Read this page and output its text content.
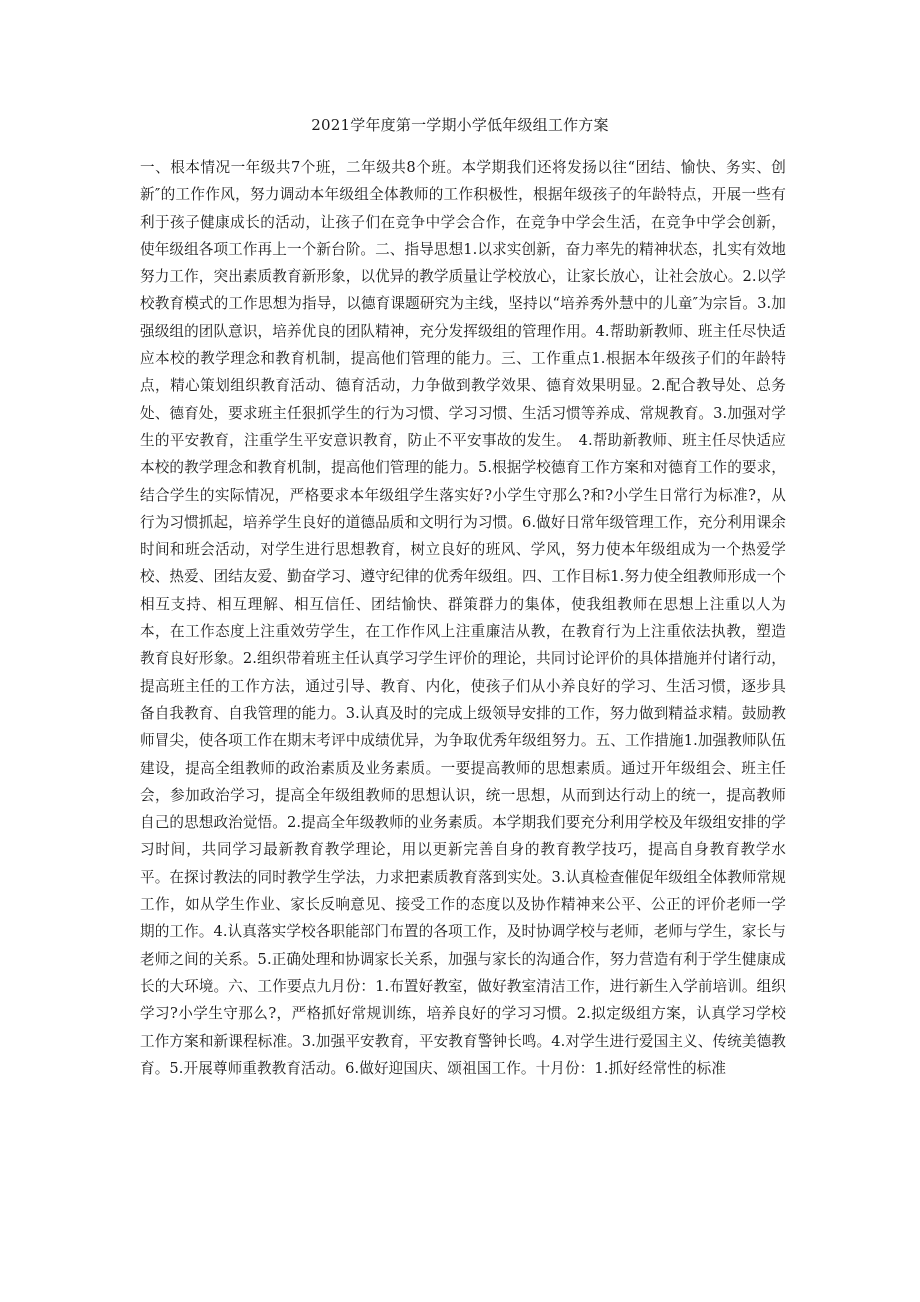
2021学年度第一学期小学低年级组工作方案
一、根本情况一年级共7个班，二年级共8个班。本学期我们还将发扬以往“团结、愉快、务实、创新″的工作作风，努力调动本年级组全体教师的工作积极性，根据年级孩子的年龄特点，开展一些有利于孩子健康成长的活动，让孩子们在竞争中学会合作，在竞争中学会生活，在竞争中学会创新，使年级组各项工作再上一个新台阶。二、指导思想1.以求实创新，奋力率先的精神状态，扎实有效地努力工作，突出素质教育新形象，以优异的教学质量让学校放心，让家长放心，让社会放心。2.以学校教育模式的工作思想为指导，以德育课题研究为主线，坚持以“培养秀外慧中的儿童″为宗旨。3.加强级组的团队意识，培养优良的团队精神，充分发挥级组的管理作用。4.帮助新教师、班主任尽快适应本校的教学理念和教育机制，提高他们管理的能力。三、工作重点1.根据本年级孩子们的年龄特点，精心策划组织教育活动、德育活动，力争做到教学效果、德育效果明显。2.配合教导处、总务处、德育处，要求班主任狠抓学生的行为习惯、学习习惯、生活习惯等养成、常规教育。3.加强对学生的平安教育，注重学生平安意识教育，防止不平安事故的发生。　4.帮助新教师、班主任尽快适应本校的教学理念和教育机制，提高他们管理的能力。5.根据学校德育工作方案和对德育工作的要求，结合学生的实际情况，严格要求本年级组学生落实好?小学生守那么?和?小学生日常行为标准?，从行为习惯抓起，培养学生良好的道德品质和文明行为习惯。6.做好日常年级管理工作，充分利用课余时间和班会活动，对学生进行思想教育，树立良好的班风、学风，努力使本年级组成为一个热爱学校、热爱、团结友爱、勤奋学习、遵守纪律的优秀年级组。四、工作目标1.努力使全组教师形成一个相互支持、相互理解、相互信任、团结愉快、群策群力的集体，使我组教师在思想上注重以人为本，在工作态度上注重效劳学生，在工作作风上注重廉洁从教，在教育行为上注重依法执教，塑造教育良好形象。2.组织带着班主任认真学习学生评价的理论，共同讨论评价的具体措施并付诸行动，提高班主任的工作方法，通过引导、教育、内化，使孩子们从小养良好的学习、生活习惯，逐步具备自我教育、自我管理的能力。3.认真及时的完成上级领导安排的工作，努力做到精益求精。鼓励教师冒尖，使各项工作在期末考评中成绩优异，为争取优秀年级组努力。五、工作措施1.加强教师队伍建设，提高全组教师的政治素质及业务素质。一要提高教师的思想素质。通过开年级组会、班主任会，参加政治学习，提高全年级组教师的思想认识，统一思想，从而到达行动上的统一，提高教师自己的思想政治觉悟。2.提高全年级教师的业务素质。本学期我们要充分利用学校及年级组安排的学习时间，共同学习最新教育教学理论，用以更新完善自身的教育教学技巧，提高自身教育教学水平。在探讨教法的同时教学生学法，力求把素质教育落到实处。3.认真检查催促年级组全体教师常规工作，如从学生作业、家长反响意见、接受工作的态度以及协作精神来公平、公正的评价老师一学期的工作。4.认真落实学校各职能部门布置的各项工作，及时协调学校与老师，老师与学生，家长与老师之间的关系。5.正确处理和协调家长关系，加强与家长的沟通合作，努力营造有利于学生健康成长的大环境。六、工作要点九月份：1.布置好教室，做好教室清洁工作，进行新生入学前培训。组织学习?小学生守那么?，严格抓好常规训练，培养良好的学习习惯。2.拟定级组方案，认真学习学校工作方案和新课程标准。3.加强平安教育，平安教育警钟长鸣。4.对学生进行爱国主义、传统美德教育。5.开展尊师重教教育活动。6.做好迎国庆、颂祖国工作。十月份：1.抓好经常性的标准
